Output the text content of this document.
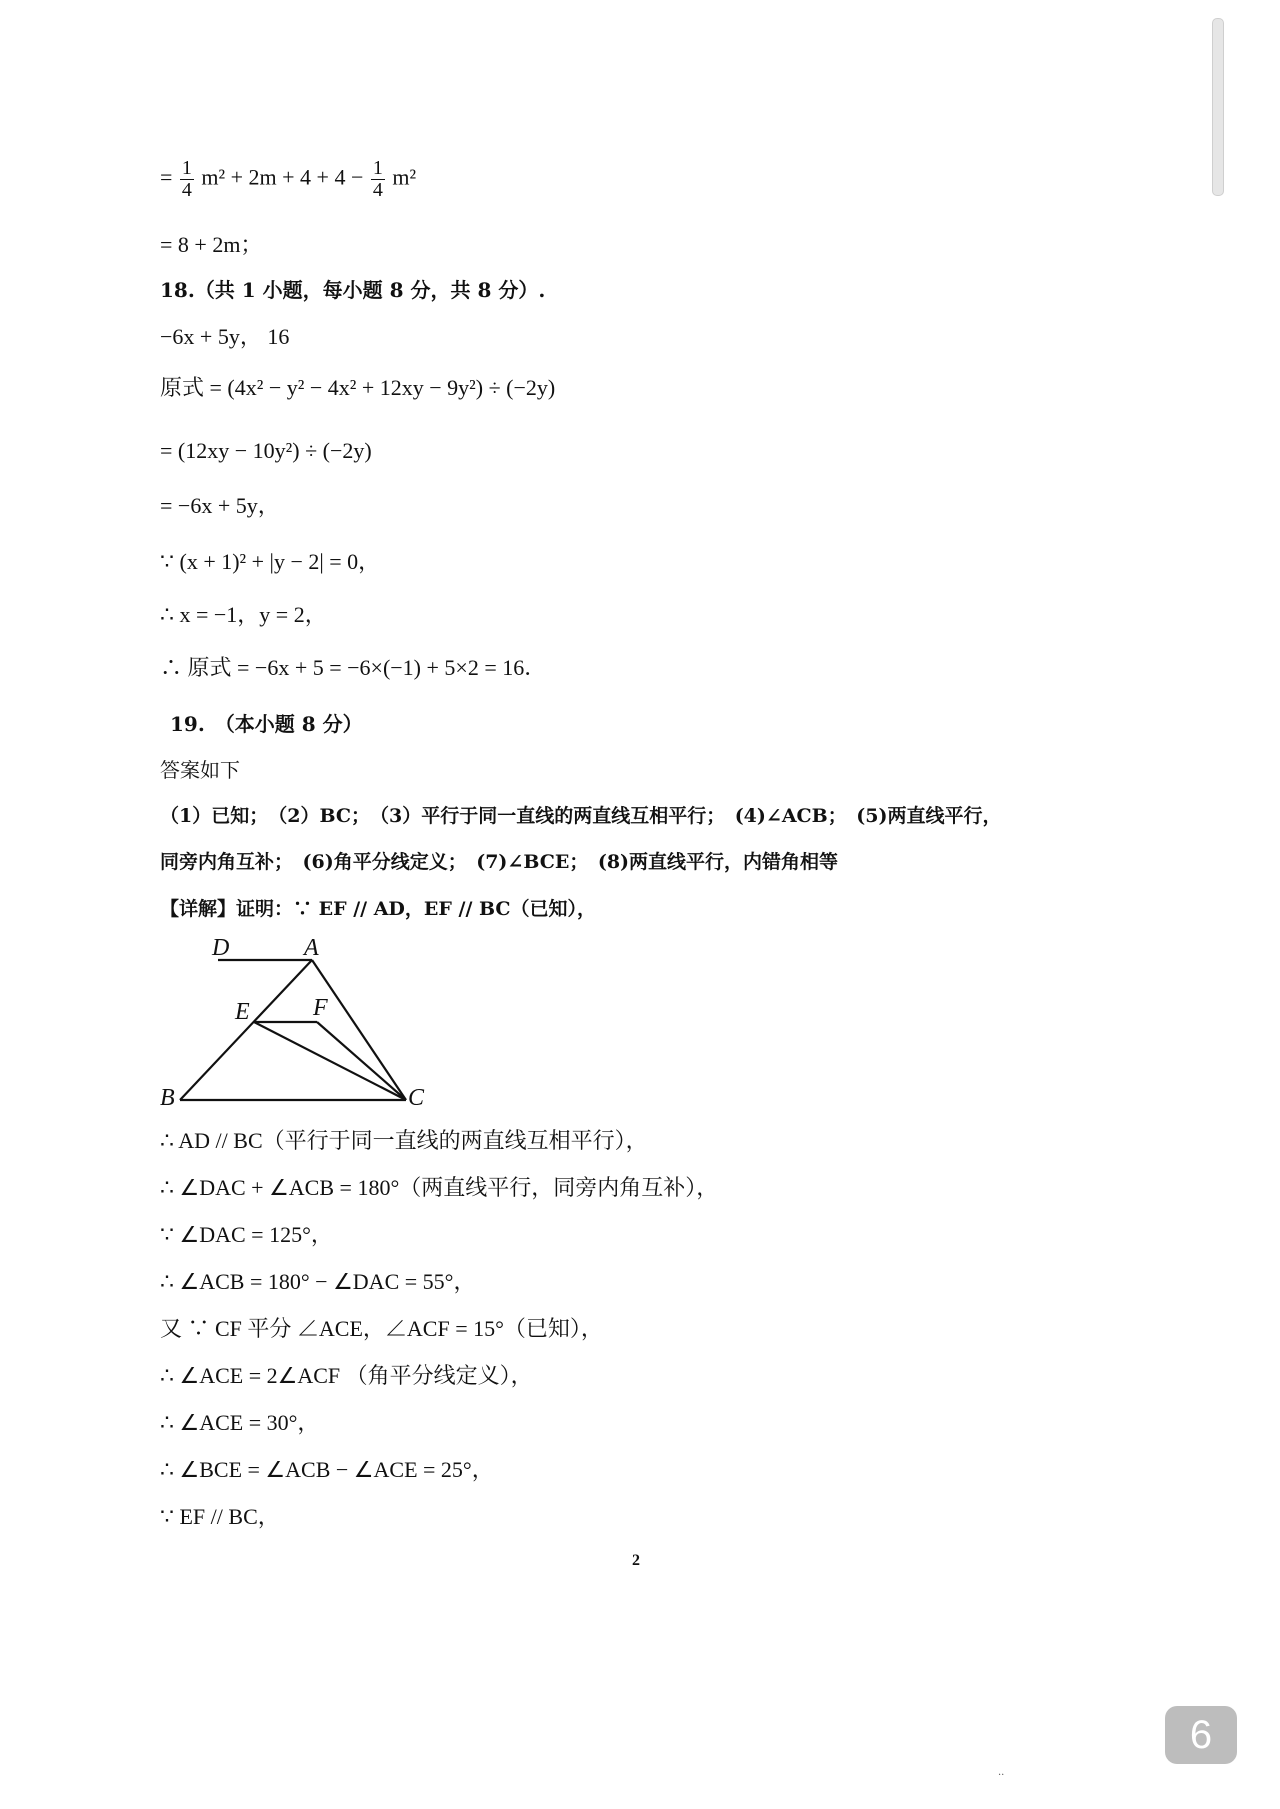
= $\frac{1}{4} m^2 + 2m + 4 + 4 - \frac{1}{4} m^2$
= 8 + 2m；
18.（共 1 小题，每小题 8 分，共 8 分）.
−6x + 5y， 16
原式 = (4x² − y² − 4x² + 12xy − 9y²) ÷ (−2y)
= (12xy − 10y²) ÷ (−2y)
= −6x + 5y，
∵ (x + 1)² + |y − 2| = 0，
∴ x = −1，y = 2，
∴ 原式 = −6x + 5 = −6×(−1) + 5×2 = 16．
19.　（本小题 8 分）
答案如下
（1）已知；　（2）BC；　（3）平行于同一直线的两直线互相平行；　(4)∠ACB；　(5)两直线平行，
同旁内角互补；　(6)角平分线定义；　(7)∠BCE；　(8)两直线平行，内错角相等
【详解】证明：∵ EF // AD，EF // BC（已知），
D	A
E	F
B	C
∴ AD // BC（平行于同一直线的两直线互相平行），
∴ ∠DAC + ∠ACB = 180°（两直线平行，同旁内角互补），
∵ ∠DAC = 125°，
∴ ∠ACB = 180° − ∠DAC = 55°，
又 ∵ CF 平分 ∠ACE，∠ACF = 15°（已知），
∴ ∠ACE = 2∠ACF （角平分线定义），
∴ ∠ACE = 30°，
∴ ∠BCE = ∠ACB − ∠ACE = 25°，
∵ EF // BC，
2
..
6
